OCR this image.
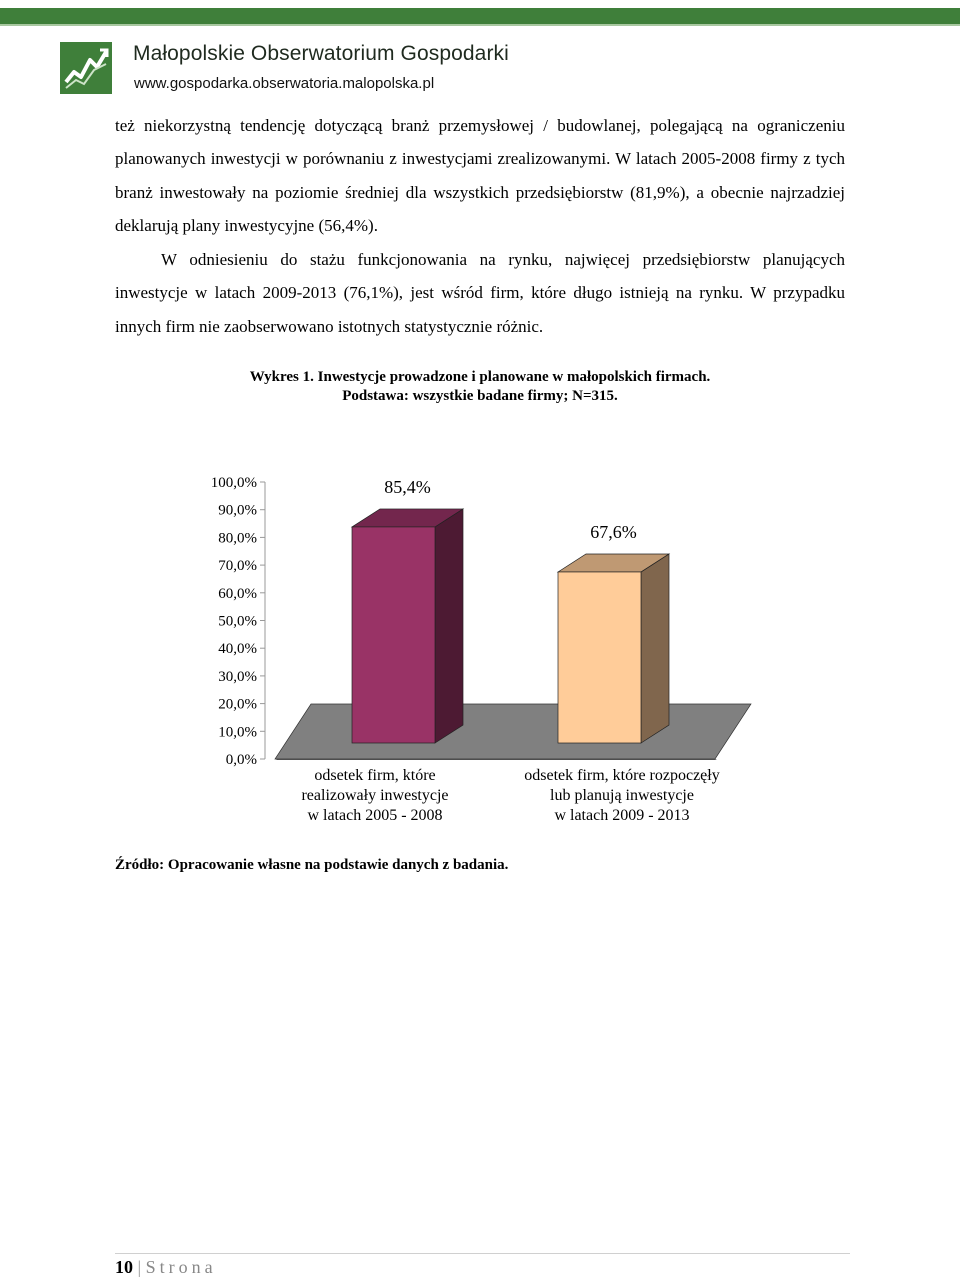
Małopolskie Obserwatorium Gospodarki
www.gospodarka.obserwatoria.malopolska.pl

też niekorzystną tendencję dotyczącą branż przemysłowej / budowlanej, polegającą na ograniczeniu planowanych inwestycji w porównaniu z inwestycjami zrealizowanymi. W latach 2005-2008 firmy z tych branż inwestowały na poziomie średniej dla wszystkich przedsiębiorstw (81,9%), a obecnie najrzadziej deklarują plany inwestycyjne (56,4%).

W odniesieniu do stażu funkcjonowania na rynku, najwięcej przedsiębiorstw planujących inwestycje w latach 2009-2013 (76,1%), jest wśród firm, które długo istnieją na rynku. W przypadku innych firm nie zaobserwowano istotnych statystycznie różnic.

Wykres 1. Inwestycje prowadzone i planowane w małopolskich firmach.
Podstawa: wszystkie badane firmy; N=315.
0,0%
10,0%
20,0%
30,0%
40,0%
50,0%
60,0%
70,0%
80,0%
90,0%
100,0%	85,4%
odsetek firm, które
realizowały inwestycje
w latach 2005 - 2008
67,6%
odsetek firm, które rozpoczęły
lub planują inwestycje
w latach 2009 - 2013
Źródło: Opracowanie własne na podstawie danych z badania.
10 | Strona
